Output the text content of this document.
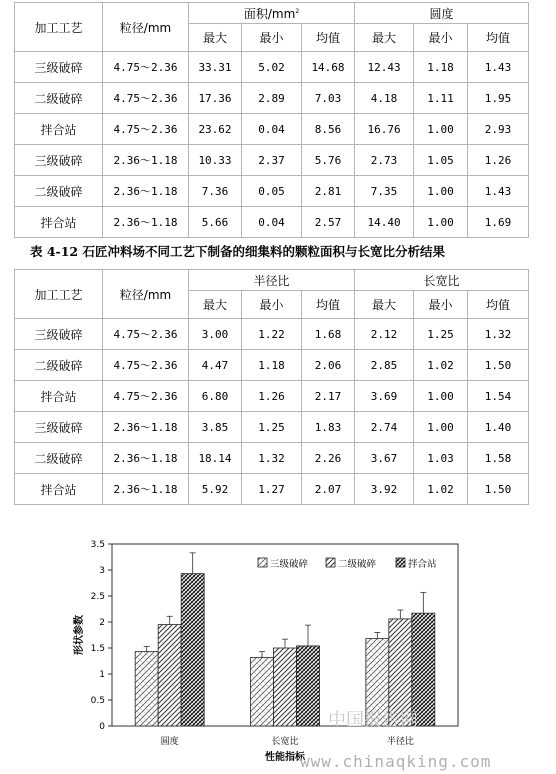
加工工艺	粒径/mm	面积$/mm^2$			圆度		
		最大	最小	均值	最大	最小	均值
三级破碎	4.75～2.36	33.31	5.02	14.68	12.43	1.18	1.43
二级破碎	4.75～2.36	17.36	2.89	7.03	4.18	1.11	1.95
拌合站	4.75～2.36	23.62	0.04	8.56	16.76	1.00	2.93
三级破碎	2.36～1.18	10.33	2.37	5.76	2.73	1.05	1.26
二级破碎	2.36～1.18	7.36	0.05	2.81	7.35	1.00	1.43
拌合站	2.36～1.18	5.66	0.04	2.57	14.40	1.00	1.69
表 4-12 石匠冲料场不同工艺下制备的细集料的颗粒面积与长宽比分析结果
加工工艺	粒径/mm	半径比			长宽比		
		最大	最小	均值	最大	最小	均值
三级破碎	4.75～2.36	3.00	1.22	1.68	2.12	1.25	1.32
二级破碎	4.75～2.36	4.47	1.18	2.06	2.85	1.02	1.50
拌合站	4.75～2.36	6.80	1.26	2.17	3.69	1.00	1.54
三级破碎	2.36～1.18	3.85	1.25	1.83	2.74	1.00	1.40
二级破碎	2.36～1.18	18.14	1.32	2.26	3.67	1.03	1.58
拌合站	2.36～1.18	5.92	1.27	2.07	3.92	1.02	1.50
0
0.5
1
1.5
2
2.5
3
3.5
形状参数
性能指标
圆度	长宽比	半径比
三级破碎	二级破碎	拌合站
中国报告网
www.chinaqking.com
